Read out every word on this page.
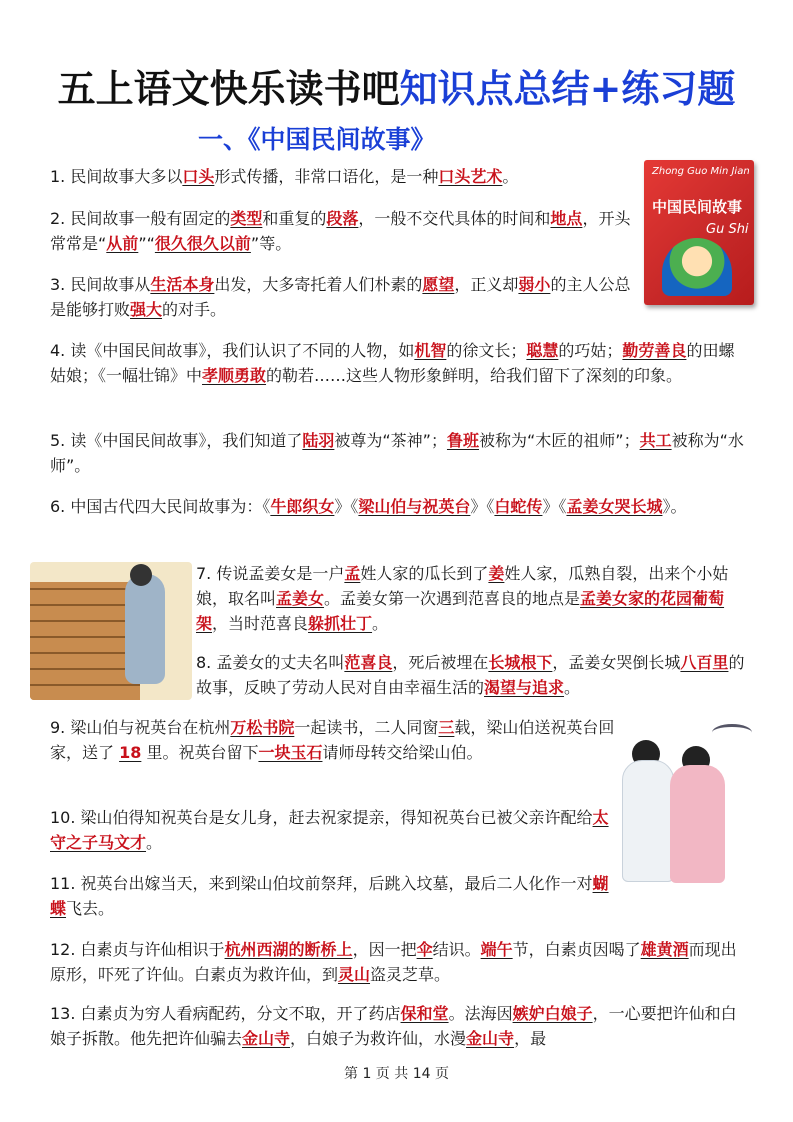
五上语文快乐读书吧知识点总结+练习题
一、《中国民间故事》
Zhong Guo Min Jian
中国民间故事
Gu Shi
1. 民间故事大多以口头形式传播，非常口语化，是一种口头艺术。
2. 民间故事一般有固定的类型和重复的段落，一般不交代具体的时间和地点，开头常常是“从前”“很久很久以前”等。
3. 民间故事从生活本身出发，大多寄托着人们朴素的愿望，正义却弱小的主人公总是能够打败强大的对手。
4. 读《中国民间故事》，我们认识了不同的人物，如机智的徐文长；聪慧的巧姑；勤劳善良的田螺姑娘；《一幅壮锦》中孝顺勇敢的勒若……这些人物形象鲜明，给我们留下了深刻的印象。
5. 读《中国民间故事》，我们知道了陆羽被尊为“茶神”；鲁班被称为“木匠的祖师”；共工被称为“水师”。
6. 中国古代四大民间故事为：《牛郎织女》《梁山伯与祝英台》《白蛇传》《孟姜女哭长城》。
7. 传说孟姜女是一户孟姓人家的瓜长到了姜姓人家，瓜熟自裂，出来个小姑娘，取名叫孟姜女。孟姜女第一次遇到范喜良的地点是孟姜女家的花园葡萄架，当时范喜良躲抓壮丁。
8. 孟姜女的丈夫名叫范喜良，死后被埋在长城根下，孟姜女哭倒长城八百里的故事，反映了劳动人民对自由幸福生活的渴望与追求。
9. 梁山伯与祝英台在杭州万松书院一起读书，二人同窗三载，梁山伯送祝英台回家，送了 18 里。祝英台留下一块玉石请师母转交给梁山伯。
10. 梁山伯得知祝英台是女儿身，赶去祝家提亲，得知祝英台已被父亲许配给太守之子马文才。
11. 祝英台出嫁当天，来到梁山伯坟前祭拜，后跳入坟墓，最后二人化作一对蝴蝶飞去。
12. 白素贞与许仙相识于杭州西湖的断桥上，因一把伞结识。端午节，白素贞因喝了雄黄酒而现出原形，吓死了许仙。白素贞为救许仙，到灵山盗灵芝草。
13. 白素贞为穷人看病配药，分文不取，开了药店保和堂。法海因嫉妒白娘子，一心要把许仙和白娘子拆散。他先把许仙骗去金山寺，白娘子为救许仙，水漫金山寺，最
第 1 页 共 14 页
